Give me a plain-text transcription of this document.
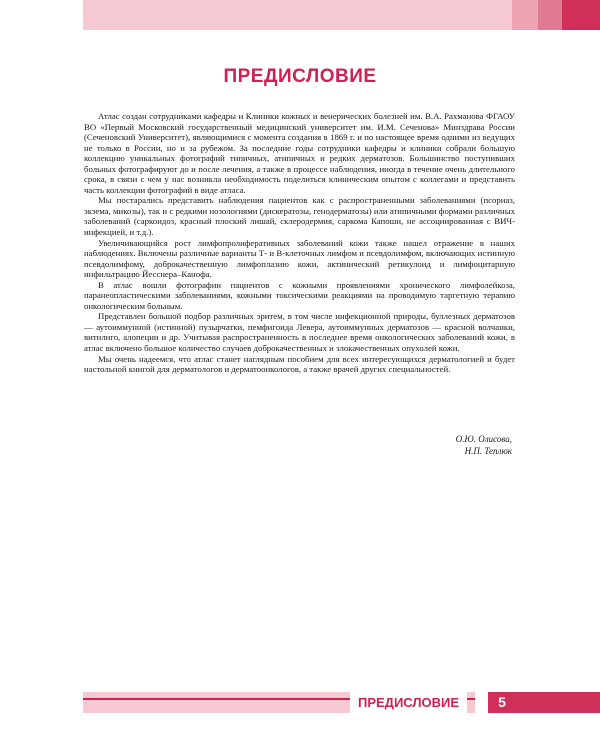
ПРЕДИСЛОВИЕ

Атлас создан сотрудниками кафедры и Клиники кожных и венерических болезней им. В.А. Рахманова ФГАОУ ВО «Первый Московский государственный медицинский университет им. И.М. Сеченова» Минздрава России (Сеченовский Университет), являющимися с момента создания в 1869 г. и по настоящее время одними из ведущих не только в России, но и за рубежом. За последние годы сотрудники кафедры и клиники собрали большую коллекцию уникальных фотографий типичных, атипичных и редких дерматозов. Большинство поступивших больных фотографируют до и после лечения, а также в процессе наблюдения, иногда в течение очень длительного срока, в связи с чем у нас возникла необходимость поделиться клиническим опытом с коллегами и представить часть коллекции фотографий в виде атласа.

Мы постарались представить наблюдения пациентов как с распространенными заболеваниями (псориаз, экзема, микозы), так и с редкими нозологиями (дискератозы, генодерматозы) или атипичными формами различных заболеваний (саркоидоз, красный плоский лишай, склеродермия, саркома Капоши, не ассоциированная с ВИЧ-инфекцией, и т.д.).

Увеличивающийся рост лимфопролиферативных заболеваний кожи также нашел отражение в наших наблюдениях. Включены различные варианты Т- и В-клеточных лимфом и псевдолимфом, включающих истинную псевдолимфому, доброкачественную лимфоплазию кожи, актинический ретикулоид и лимфоцитарную инфильтрацию Йесснера–Канофа.

В атлас вошли фотографии пациентов с кожными проявлениями хронического лимфолейкоза, паранеопластическими заболеваниями, кожными токсическими реакциями на проводимую таргетную терапию онкологическим больным.

Представлен большой подбор различных эритем, в том числе инфекционной природы, буллезных дерматозов — аутоиммунной (истинной) пузырчатки, пемфигоида Левера, аутоиммунных дерматозов — красной волчанки, витилиго, алопеции и др. Учитывая распространенность в последнее время онкологических заболеваний кожи, в атлас включено большое количество случаев доброкачественных и злокачественных опухолей кожи.

Мы очень надеемся, что атлас станет наглядным пособием для всех интересующихся дерматологией и будет настольной книгой для дерматологов и дерматоонкологов, а также врачей других специальностей.

О.Ю. Олисова,
Н.П. Теплюк
ПРЕДИСЛОВИЕ	5
